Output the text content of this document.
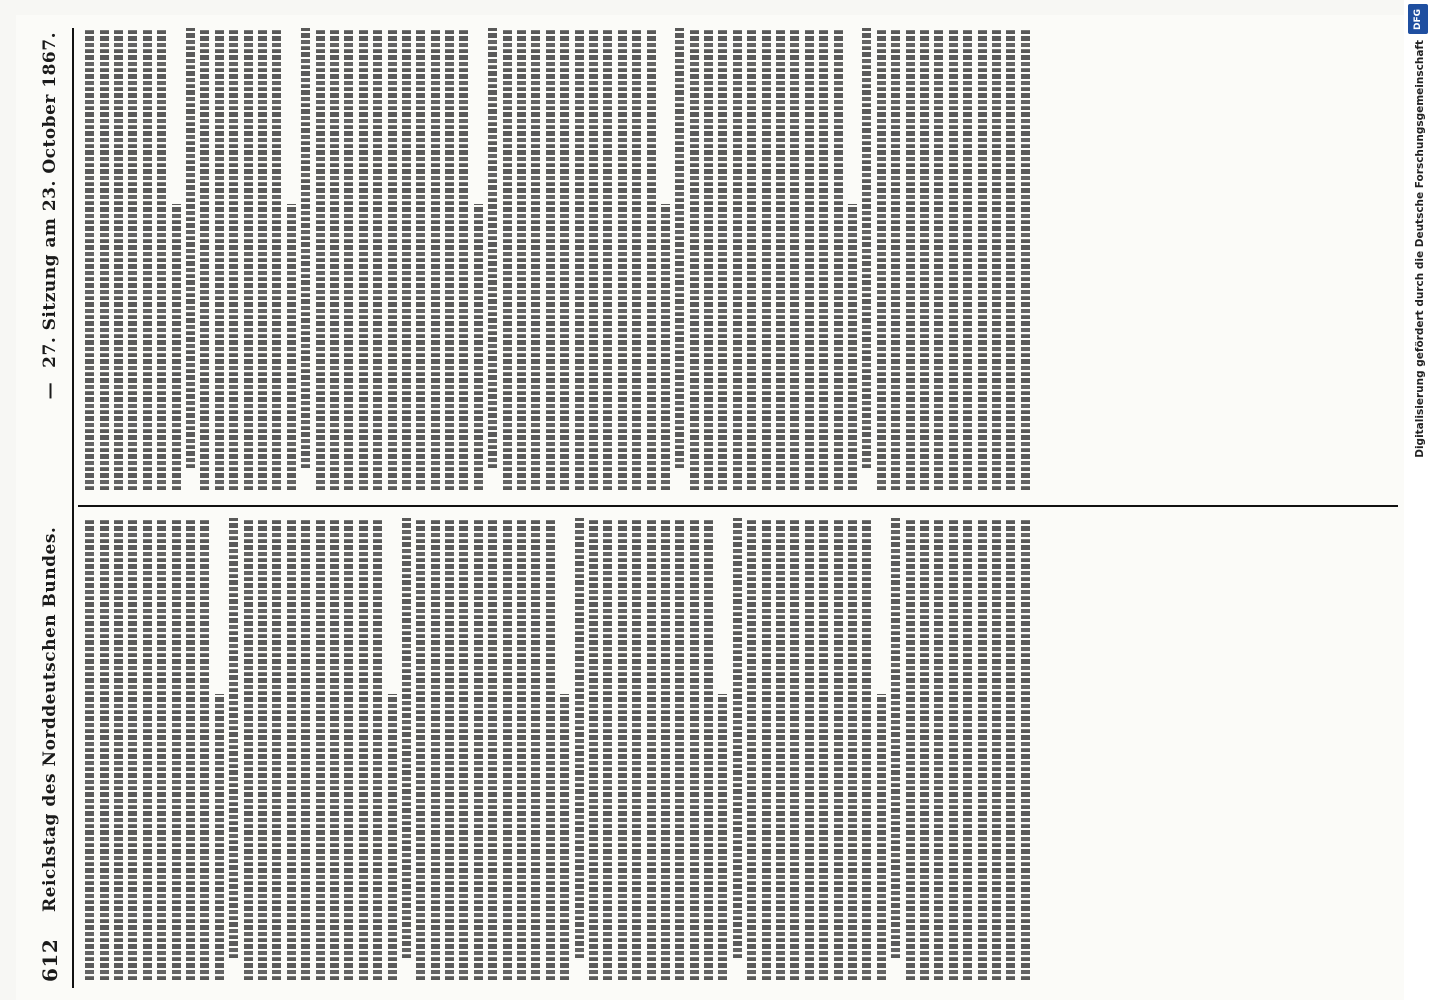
612
Reichstag des Norddeutschen Bundes.
—
27. Sitzung am 23. October 1867.
DFG
Digitalisierung gefördert durch die Deutsche Forschungsgemeinschaft
